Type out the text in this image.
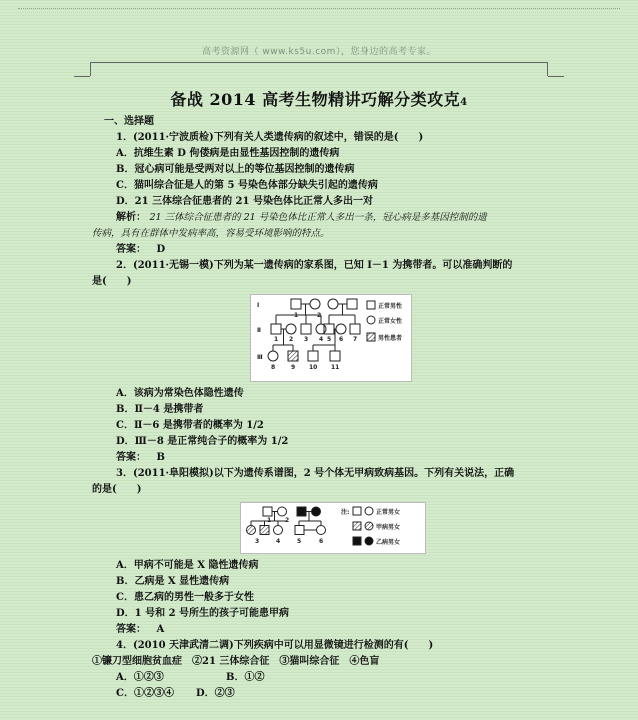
高考资源网（ www.ks5u.com），您身边的高考专家。
备战 2014 高考生物精讲巧解分类攻克4
一、选择题
1．(2011·宁波质检)下列有关人类遗传病的叙述中，错误的是(　　)
A．抗维生素 D 佝偻病是由显性基因控制的遗传病
B．冠心病可能是受两对以上的等位基因控制的遗传病
C．猫叫综合征是人的第 5 号染色体部分缺失引起的遗传病
D．21 三体综合征患者的 21 号染色体比正常人多出一对
解析： 21 三体综合征患者的 21 号染色体比正常人多出一条，冠心病是多基因控制的遗
传病，具有在群体中发病率高，容易受环境影响的特点。
答案： D
2．(2011·无锡一模)下列为某一遗传病的家系图，已知 Ⅰ－1 为携带者。可以准确判断的
是(　　)
Ⅰ
Ⅱ
Ⅲ
1	2
1 2 3 4 5 6 7
8	9 10 11
正常男性
正常女性
男性患者
A．该病为常染色体隐性遗传
B．Ⅱ－4 是携带者
C．Ⅱ－6 是携带者的概率为 1/2
D．Ⅲ－8 是正常纯合子的概率为 1/2
答案： B
3．(2011·阜阳模拟)以下为遗传系谱图，2 号个体无甲病致病基因。下列有关说法，正确
的是(　　)
1 2
3	4	5	6
注:	正常男女
甲病男女
乙病男女
A．甲病不可能是 X 隐性遗传病
B．乙病是 X 显性遗传病
C．患乙病的男性一般多于女性
D．1 号和 2 号所生的孩子可能患甲病
答案： A
4．(2010 天津武清二调)下列疾病中可以用显微镜进行检测的有(　　)
①镰刀型细胞贫血症　②21 三体综合征　③猫叫综合征　④色盲
A．①②③	B．①②
C．①②③④ D．②③
